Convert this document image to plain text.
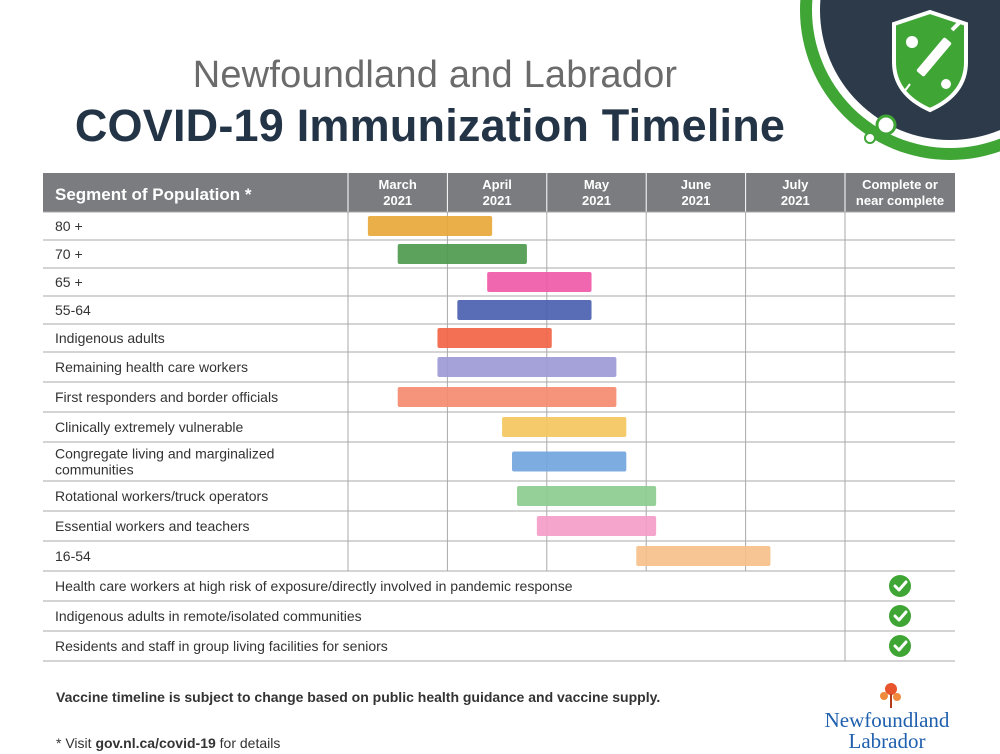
Newfoundland and Labrador
COVID-19 Immunization Timeline
Segment of Population *
March
2021
April
2021
May
2021
June
2021
July
2021
Complete or
near complete
80 +
70 +
65 +
55-64
Indigenous adults
Remaining health care workers
First responders and border officials
Clinically extremely vulnerable
Congregate living and marginalized
communities
Rotational workers/truck operators
Essential workers and teachers
16-54
Health care workers at high risk of exposure/directly involved in pandemic response
Indigenous adults in remote/isolated communities
Residents and staff in group living facilities for seniors
Vaccine timeline is subject to change based on public health guidance and vaccine supply.
* Visit gov.nl.ca/covid-19 for details
Newfoundland
Labrador
